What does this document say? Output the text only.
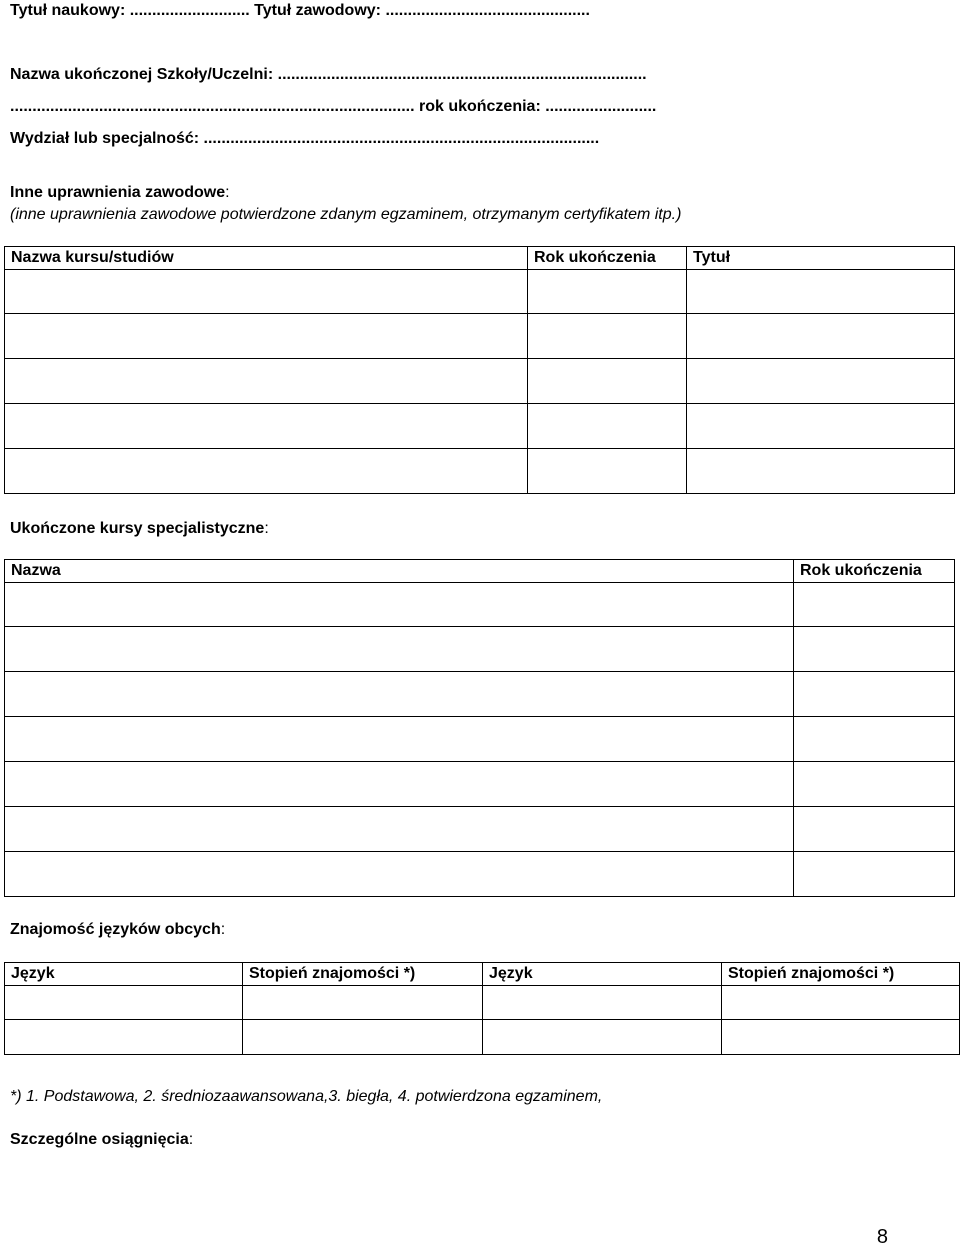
Tytuł naukowy: ........................... Tytuł zawodowy: ..............................................
Nazwa ukończonej Szkoły/Uczelni: ...................................................................................
........................................................................................... rok ukończenia: .........................
Wydział lub specjalność: .........................................................................................
Inne uprawnienia zawodowe:
(inne uprawnienia zawodowe potwierdzone zdanym egzaminem, otrzymanym certyfikatem itp.)
Nazwa kursu/studiów	Rok ukończenia	Tytuł

Ukończone kursy specjalistyczne:
Nazwa	Rok ukończenia

Znajomość języków obcych:
Język	Stopień znajomości *)	Język	Stopień znajomości *)

*) 1. Podstawowa, 2. średniozaawansowana,3. biegła, 4. potwierdzona egzaminem,
Szczególne osiągnięcia:
8
